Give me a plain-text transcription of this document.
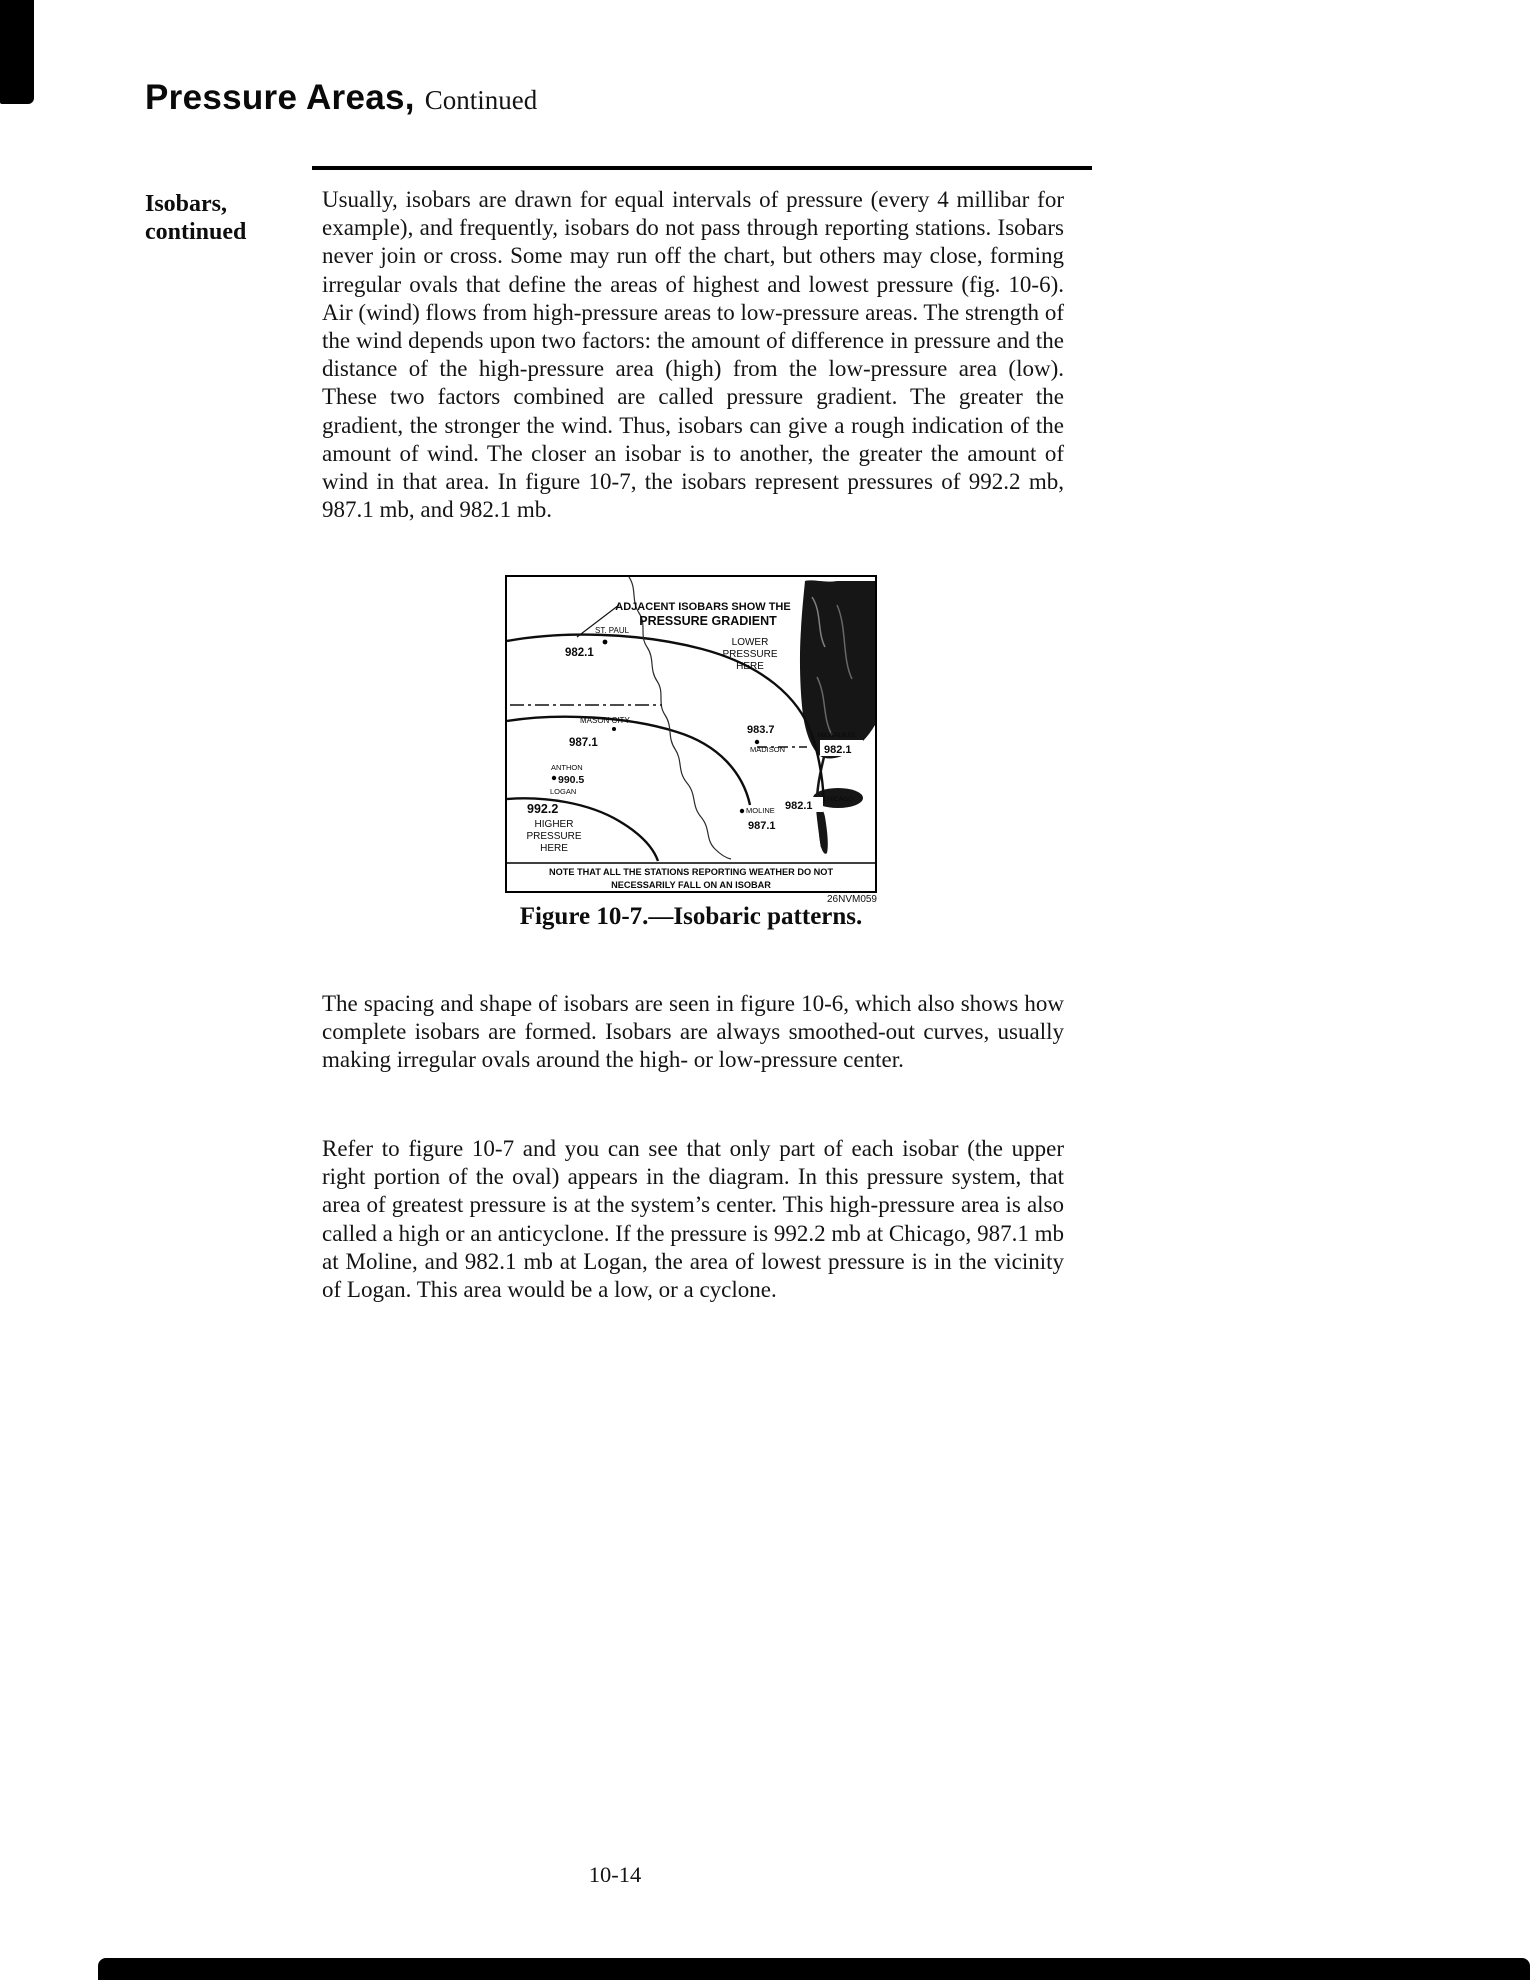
Pressure Areas, Continued
Isobars,
continued

Usually, isobars are drawn for equal intervals of pressure (every 4 millibar for example), and frequently, isobars do not pass through reporting stations. Isobars never join or cross. Some may run off the chart, but others may close, forming irregular ovals that define the areas of highest and lowest pressure (fig. 10-6). Air (wind) flows from high-pressure areas to low-pressure areas. The strength of the wind depends upon two factors: the amount of difference in pressure and the distance of the high-pressure area (high) from the low-pressure area (low). These two factors combined are called pressure gradient. The greater the gradient, the stronger the wind. Thus, isobars can give a rough indication of the amount of wind. The closer an isobar is to another, the greater the amount of wind in that area. In figure 10-7, the isobars represent pressures of 992.2 mb, 987.1 mb, and 982.1 mb.

ADJACENT ISOBARS SHOW THE
PRESSURE GRADIENT
ST. PAUL
982.1
LOWER
PRESSURE
HERE
MASON CITY
987.1
983.7
MADISON
MILWAUKEE
982.1
ANTHON
990.5
LOGAN
992.2
HIGHER
PRESSURE
HERE
MOLINE
987.1
982.1
CHICAGO
NOTE THAT ALL THE STATIONS REPORTING WEATHER DO NOT
NECESSARILY FALL ON AN ISOBAR
26NVM059
Figure 10-7.—Isobaric patterns.

The spacing and shape of isobars are seen in figure 10-6, which also shows how complete isobars are formed. Isobars are always smoothed-out curves, usually making irregular ovals around the high- or low-pressure center.

Refer to figure 10-7 and you can see that only part of each isobar (the upper right portion of the oval) appears in the diagram. In this pressure system, that area of greatest pressure is at the system’s center. This high-pressure area is also called a high or an anticyclone. If the pressure is 992.2 mb at Chicago, 987.1 mb at Moline, and 982.1 mb at Logan, the area of lowest pressure is in the vicinity of Logan. This area would be a low, or a cyclone.

10-14
